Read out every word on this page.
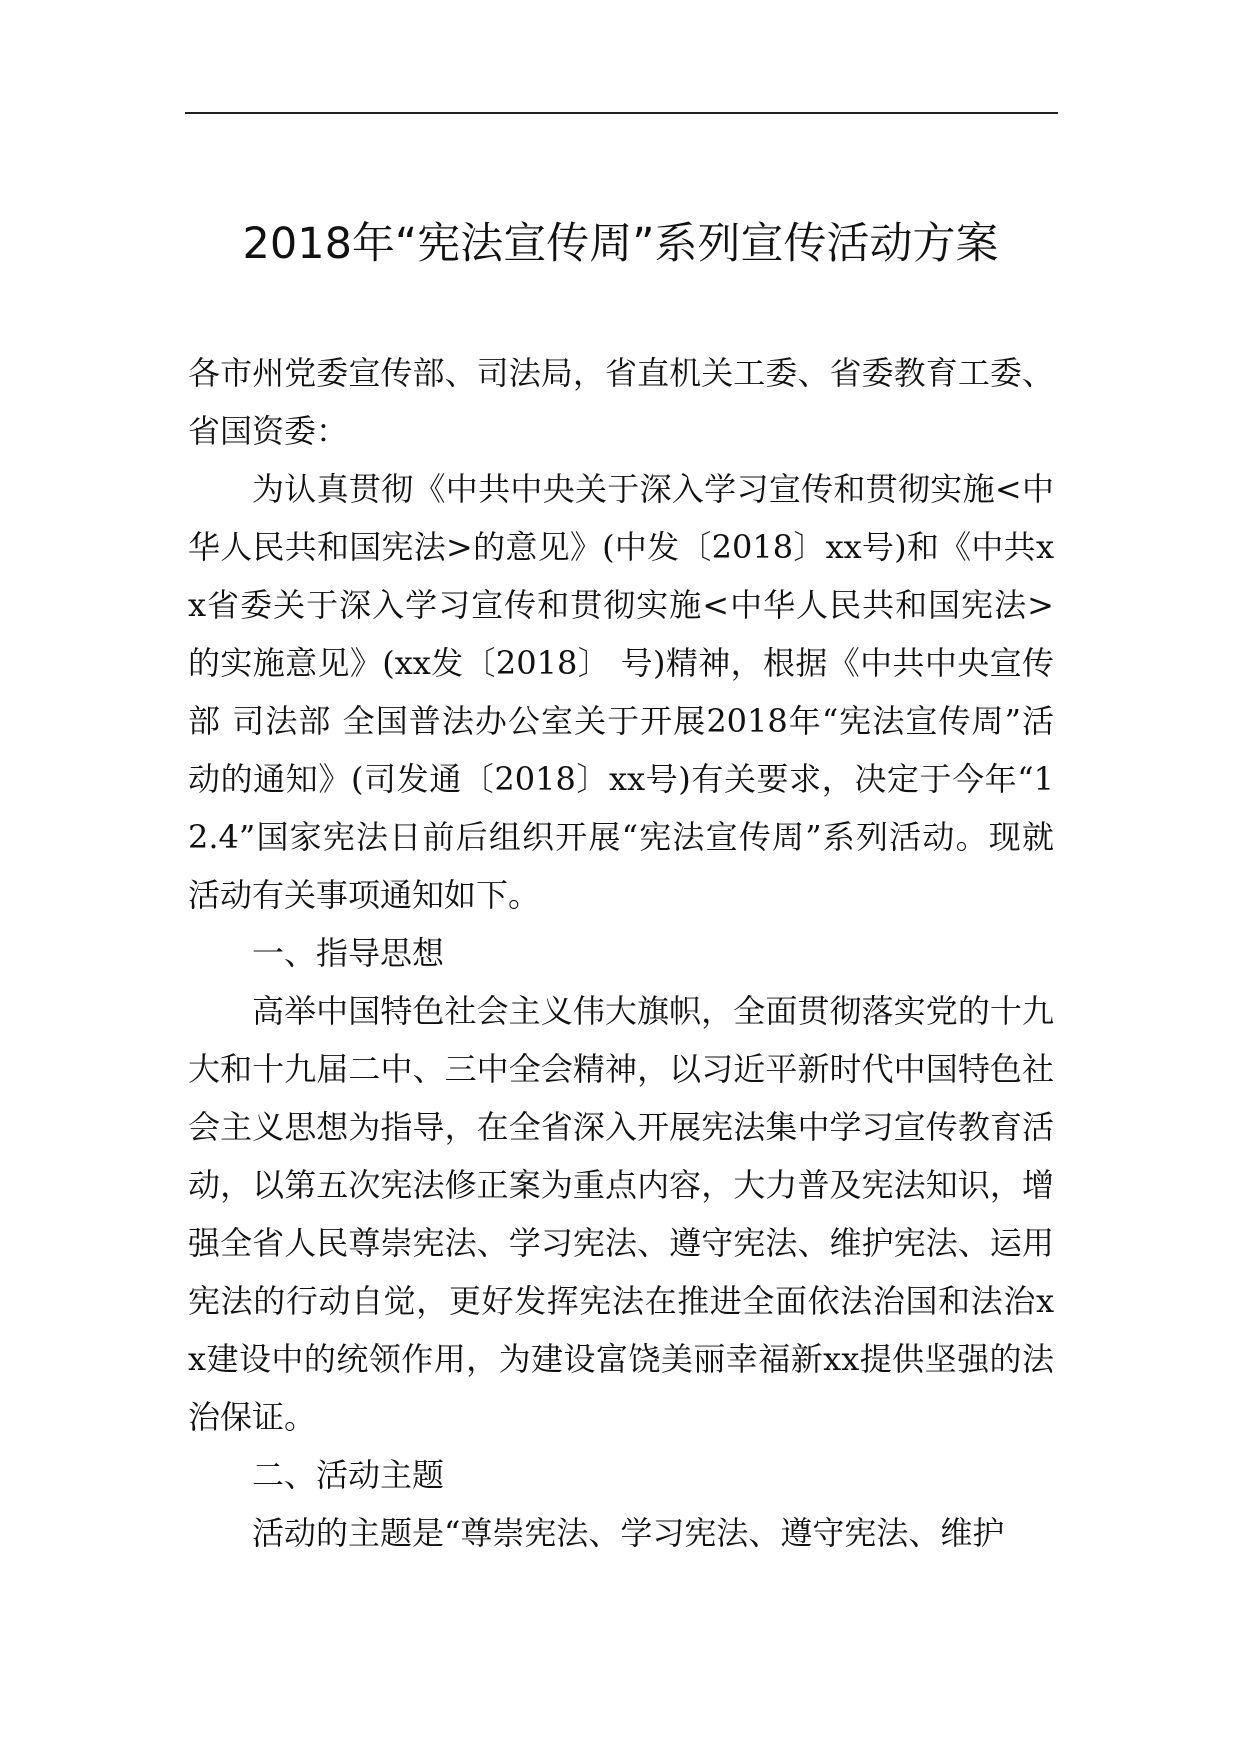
2018年“宪法宣传周”系列宣传活动方案

各市州党委宣传部、司法局，省直机关工委、省委教育工委、省国资委：

为认真贯彻《中共中央关于深入学习宣传和贯彻实施<中华人民共和国宪法>的意见》(中发〔2018〕xx号)和《中共xx省委关于深入学习宣传和贯彻实施<中华人民共和国宪法>的实施意见》(xx发〔2018〕 号)精神，根据《中共中央宣传部 司法部 全国普法办公室关于开展2018年“宪法宣传周”活动的通知》(司发通〔2018〕xx号)有关要求，决定于今年“12.4”国家宪法日前后组织开展“宪法宣传周”系列活动。现就活动有关事项通知如下。

一、指导思想

高举中国特色社会主义伟大旗帜，全面贯彻落实党的十九大和十九届二中、三中全会精神，以习近平新时代中国特色社会主义思想为指导，在全省深入开展宪法集中学习宣传教育活动，以第五次宪法修正案为重点内容，大力普及宪法知识，增强全省人民尊崇宪法、学习宪法、遵守宪法、维护宪法、运用宪法的行动自觉，更好发挥宪法在推进全面依法治国和法治xx建设中的统领作用，为建设富饶美丽幸福新xx提供坚强的法治保证。

二、活动主题

活动的主题是“尊崇宪法、学习宪法、遵守宪法、维护
